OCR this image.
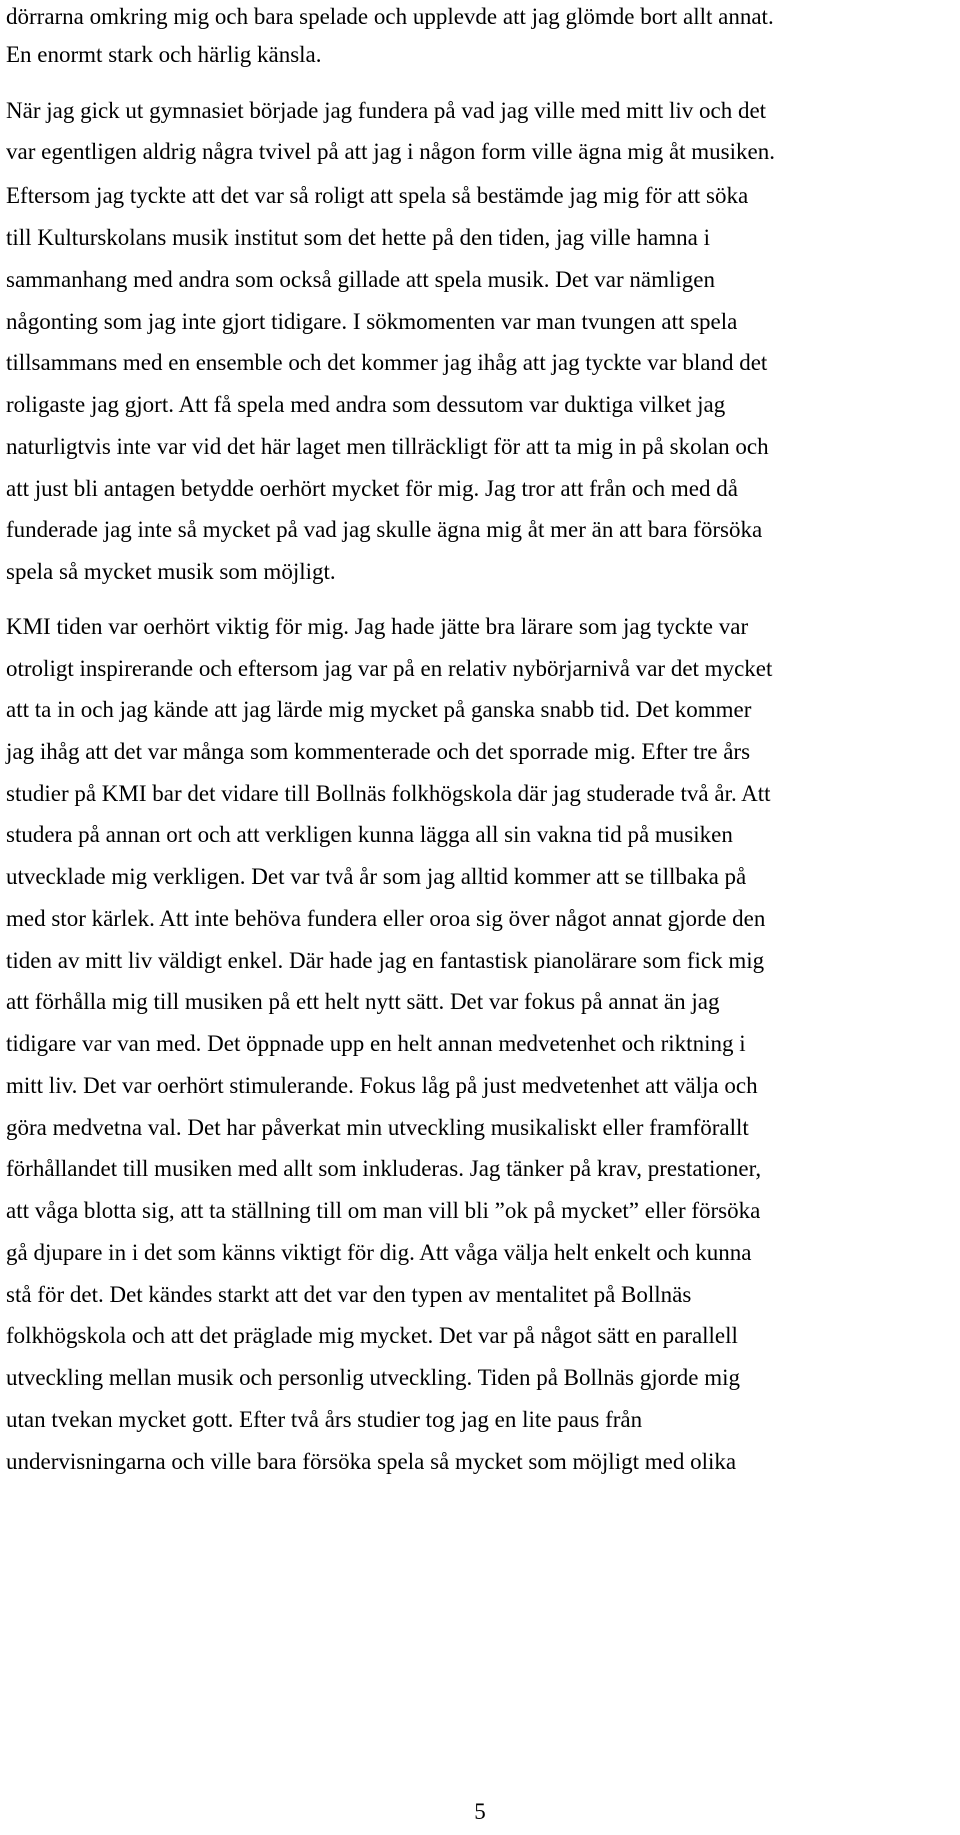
dörrarna omkring mig och bara spelade och upplevde att jag glömde bort allt annat.

En enormt stark och härlig känsla.

När jag gick ut gymnasiet började jag fundera på vad jag ville med mitt liv och det

var egentligen aldrig några tvivel på att jag i någon form ville ägna mig åt musiken.

Eftersom jag tyckte att det var så roligt att spela så bestämde jag mig för att söka

till Kulturskolans musik institut som det hette på den tiden, jag ville hamna i

sammanhang med andra som också gillade att spela musik. Det var nämligen

någonting som jag inte gjort tidigare. I sökmomenten var man tvungen att spela

tillsammans med en ensemble och det kommer jag ihåg att jag tyckte var bland det

roligaste jag gjort. Att få spela med andra som dessutom var duktiga vilket jag

naturligtvis inte var vid det här laget men tillräckligt för att ta mig in på skolan och

att just bli antagen betydde oerhört mycket för mig. Jag tror att från och med då

funderade jag inte så mycket på vad jag skulle ägna mig åt mer än att bara försöka

spela så mycket musik som möjligt.

KMI tiden var oerhört viktig för mig. Jag hade jätte bra lärare som jag tyckte var

otroligt inspirerande och eftersom jag var på en relativ nybörjarnivå var det mycket

att ta in och jag kände att jag lärde mig mycket på ganska snabb tid. Det kommer

jag ihåg att det var många som kommenterade och det sporrade mig. Efter tre års

studier på KMI bar det vidare till Bollnäs folkhögskola där jag studerade två år. Att

studera på annan ort och att verkligen kunna lägga all sin vakna tid på musiken

utvecklade mig verkligen. Det var två år som jag alltid kommer att se tillbaka på

med stor kärlek. Att inte behöva fundera eller oroa sig över något annat gjorde den

tiden av mitt liv väldigt enkel. Där hade jag en fantastisk pianolärare som fick mig

att förhålla mig till musiken på ett helt nytt sätt. Det var fokus på annat än jag

tidigare var van med. Det öppnade upp en helt annan medvetenhet och riktning i

mitt liv. Det var oerhört stimulerande. Fokus låg på just medvetenhet att välja och

göra medvetna val. Det har påverkat min utveckling musikaliskt eller framförallt

förhållandet till musiken med allt som inkluderas. Jag tänker på krav, prestationer,

att våga blotta sig, att ta ställning till om man vill bli ”ok på mycket” eller försöka

gå djupare in i det som känns viktigt för dig. Att våga välja helt enkelt och kunna

stå för det. Det kändes starkt att det var den typen av mentalitet på Bollnäs

folkhögskola och att det präglade mig mycket. Det var på något sätt en parallell

utveckling mellan musik och personlig utveckling. Tiden på Bollnäs gjorde mig

utan tvekan mycket gott. Efter två års studier tog jag en lite paus från

undervisningarna och ville bara försöka spela så mycket som möjligt med olika

5
